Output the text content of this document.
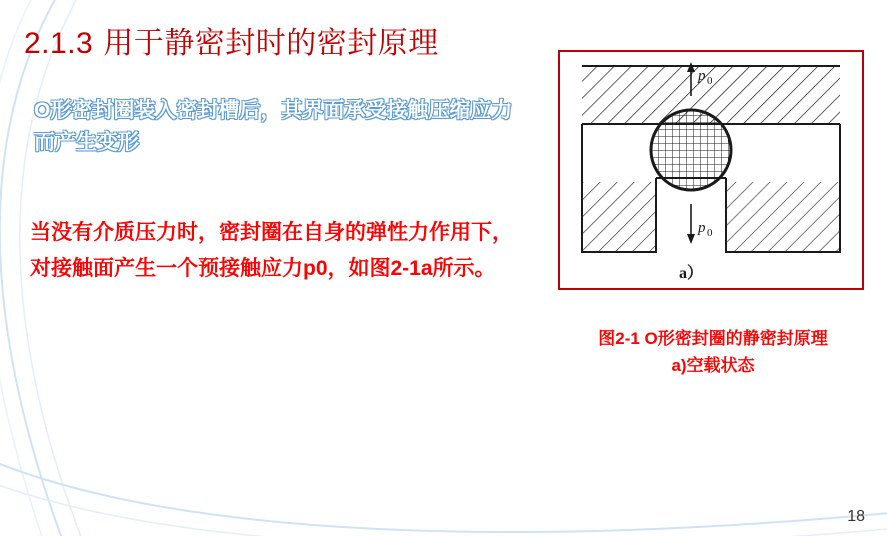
2.1.3 用于静密封时的密封原理
O形密封圈装入密封槽后，其界面承受接触压缩应力而产生变形
当没有介质压力时，密封圈在自身的弹性力作用下，对接触面产生一个预接触应力p0，如图2-1a所示。
p 0
p 0
a）
图2-1 O形密封圈的静密封原理
a)空载状态
18
